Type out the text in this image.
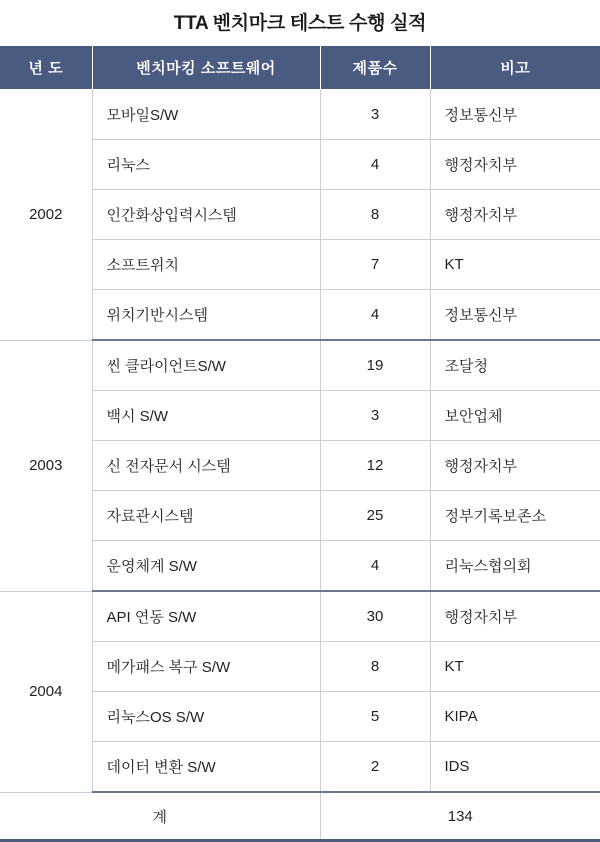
TTA 벤치마크 테스트 수행 실적
년 도	벤치마킹 소프트웨어	제품수	비고
2002	모바일S/W	3	정보통신부
	리눅스	4	행정자치부
	인간화상입력시스템	8	행정자치부
	소프트위치	7	KT
	위치기반시스템	4	정보통신부
2003	씬 클라이언트S/W	19	조달청
	백시 S/W	3	보안업체
	신 전자문서 시스템	12	행정자치부
	자료관시스템	25	정부기록보존소
	운영체계 S/W	4	리눅스협의회
2004	API 연동 S/W	30	행정자치부
	메가패스 복구 S/W	8	KT
	리눅스OS S/W	5	KIPA
	데이터 변환 S/W	2	IDS
계		134	
